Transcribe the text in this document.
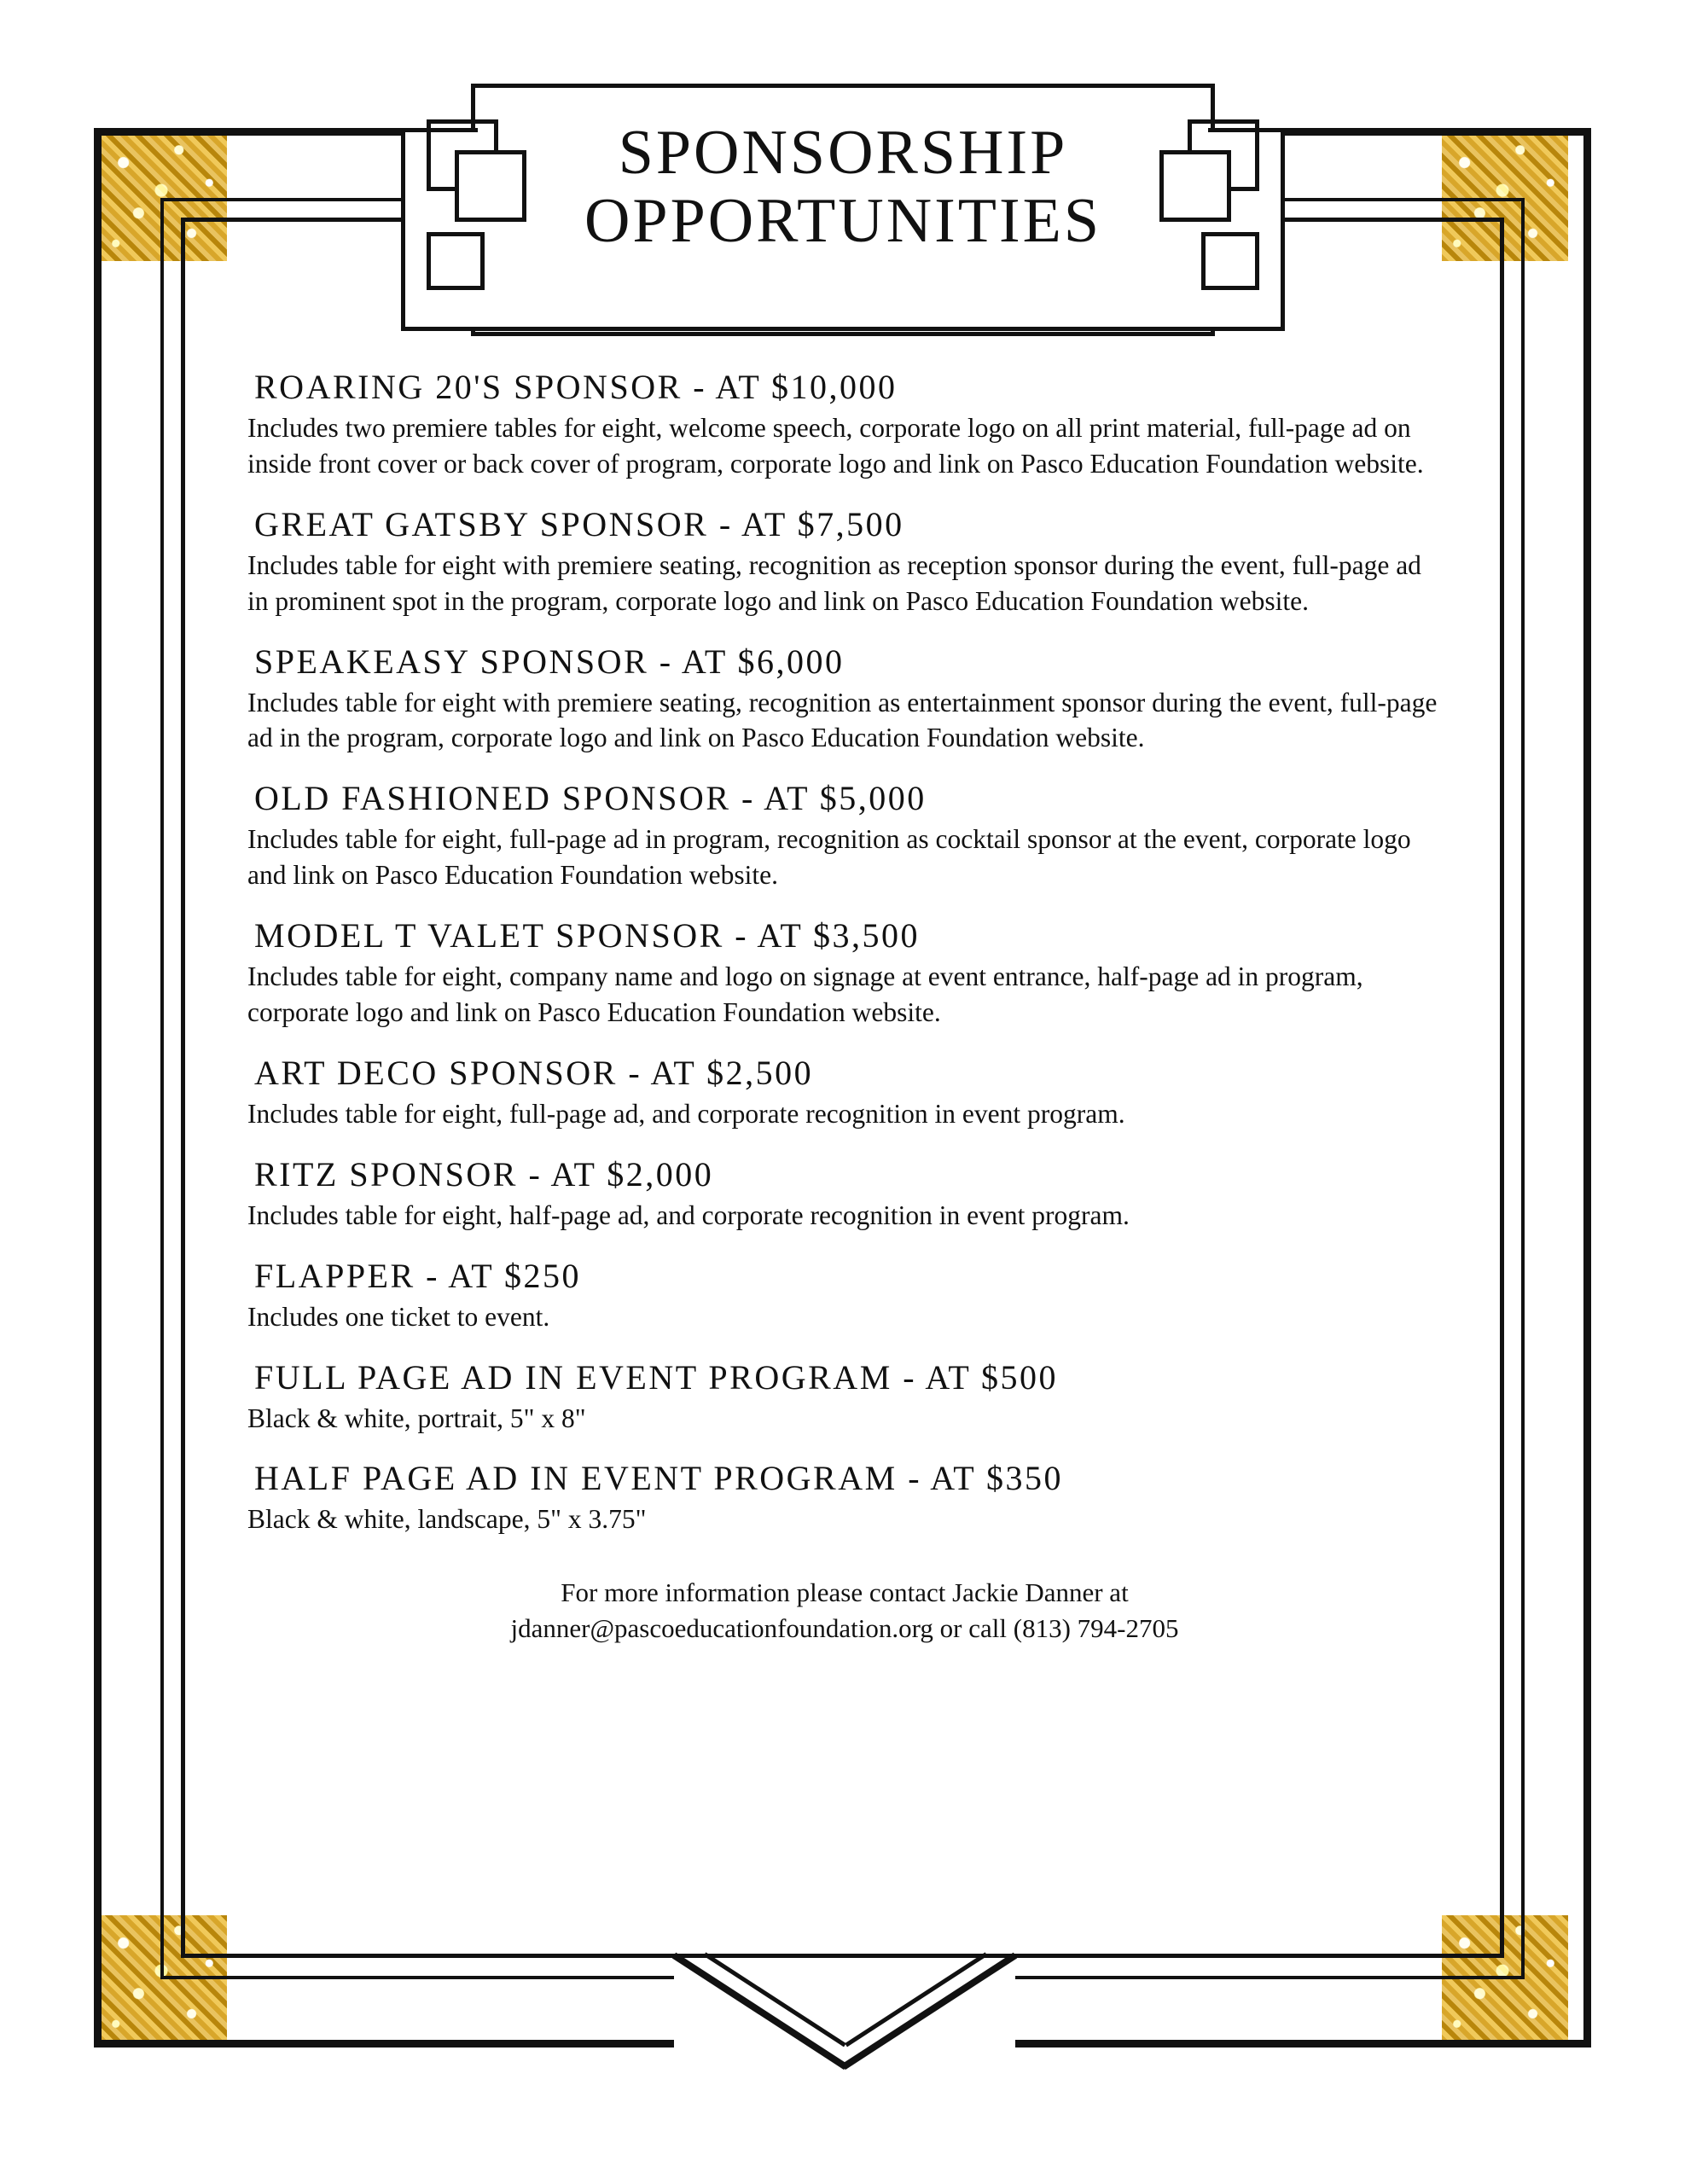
SPONSORSHIP
OPPORTUNITIES
ROARING 20'S SPONSOR - AT $10,000

Includes two premiere tables for eight, welcome speech, corporate logo on all print material, full-page ad on inside front cover or back cover of program, corporate logo and link on Pasco Education Foundation website.

GREAT GATSBY SPONSOR - AT $7,500

Includes table for eight with premiere seating, recognition as reception sponsor during the event, full-page ad in prominent spot in the program, corporate logo and link on Pasco Education Foundation website.

SPEAKEASY SPONSOR - AT $6,000

Includes table for eight with premiere seating, recognition as entertainment sponsor during the event, full-page ad in the program, corporate logo and link on Pasco Education Foundation website.

OLD FASHIONED SPONSOR - AT $5,000

Includes table for eight, full-page ad in program, recognition as cocktail sponsor at the event, corporate logo and link on Pasco Education Foundation website.

MODEL T VALET SPONSOR - AT $3,500

Includes table for eight, company name and logo on signage at event entrance, half-page ad in program, corporate logo and link on Pasco Education Foundation website.

ART DECO SPONSOR - AT $2,500

Includes table for eight, full-page ad, and corporate recognition in event program.

RITZ SPONSOR - AT $2,000

Includes table for eight, half-page ad, and corporate recognition in event program.

FLAPPER - AT $250

Includes one ticket to event.

FULL PAGE AD IN EVENT PROGRAM - AT $500

Black & white, portrait, 5" x 8"

HALF PAGE AD IN EVENT PROGRAM - AT $350

Black & white, landscape, 5" x 3.75"

For more information please contact Jackie Danner at
jdanner@pascoeducationfoundation.org or call (813) 794-2705
